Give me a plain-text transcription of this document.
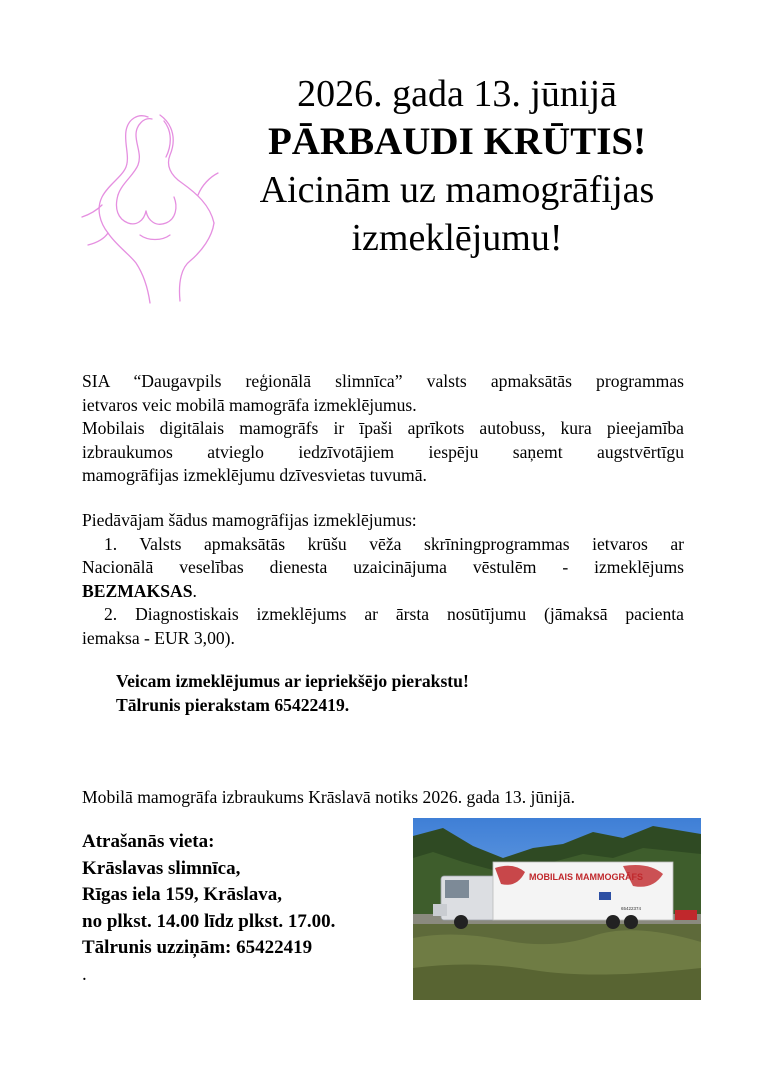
2026. gada 13. jūnijā
PĀRBAUDI KRŪTIS!
Aicinām uz mamogrāfijas
izmeklējumu!
SIA “Daugavpils reģionālā slimnīca” valsts apmaksātās programmas
ietvaros veic mobilā mamogrāfa izmeklējumus.
Mobilais digitālais mamogrāfs ir īpaši aprīkots autobuss, kura pieejamība
izbraukumos atvieglo iedzīvotājiem iespēju saņemt augstvērtīgu
mamogrāfijas izmeklējumu dzīvesvietas tuvumā.
Piedāvājam šādus mamogrāfijas izmeklējumus:
1. Valsts apmaksātās krūšu vēža skrīningprogrammas ietvaros ar
Nacionālā veselības dienesta uzaicinājuma vēstulēm - izmeklējums
BEZMAKSAS.
2. Diagnostiskais izmeklējums ar ārsta nosūtījumu (jāmaksā pacienta
iemaksa - EUR 3,00).
Veicam izmeklējumus ar iepriekšējo pierakstu!
Tālrunis pierakstam 65422419.
Mobilā mamogrāfa izbraukums Krāslavā notiks 2026. gada 13. jūnijā.
Atrašanās vieta:
Krāslavas slimnīca,
Rīgas iela 159, Krāslava,
no plkst. 14.00 līdz plkst. 17.00.
Tālrunis uzziņām: 65422419
.
MOBILAIS MAMMOGRĀFS
65422374
